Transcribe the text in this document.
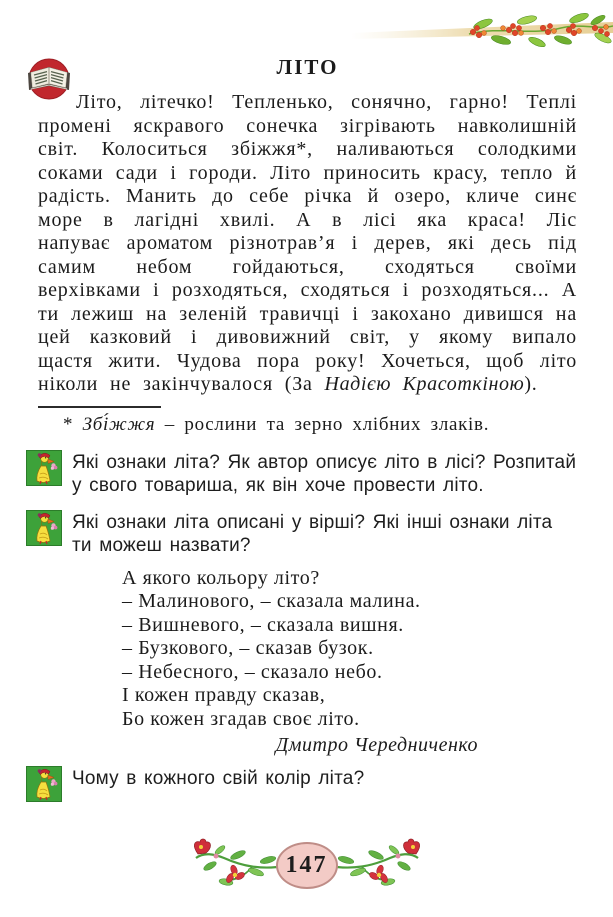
ЛІТО

Літо, літечко! Тепленько, сонячно, гарно! Теплі промені яскравого сонечка зігрівають навколишній світ. Колоситься збіжжя*, наливаються солодкими соками сади і городи. Літо приносить красу, тепло й радість. Манить до себе річка й озеро, кличе синє море в лагідні хвилі. А в лісі яка краса! Ліс напуває ароматом різнотрав’я і дерев, які десь під самим небом гойдаються, сходяться своїми верхівками і розходяться, сходяться і розходяться... А ти лежиш на зеленій травичці і закохано дивишся на цей казковий і дивовижний світ, у якому випало щастя жити. Чудова пора року! Хочеться, щоб літо ніколи не закінчувалося (За Надією Красоткіною).

* Збі́жжя – рослини та зерно хлібних злаків.

Які ознаки літа? Як автор описує літо в лісі? Розпитай у свого товариша, як він хоче провести літо.

Які ознаки літа описані у вірші? Які інші ознаки літа ти можеш назвати?

А якого кольору літо?
– Малинового, – сказала малина.
– Вишневого, – сказала вишня.
– Бузкового, – сказав бузок.
– Небесного, – сказало небо.
І кожен правду сказав,
Бо кожен згадав своє літо.
Дмитро Чередниченко

Чому в кожного свій колір літа?

147
